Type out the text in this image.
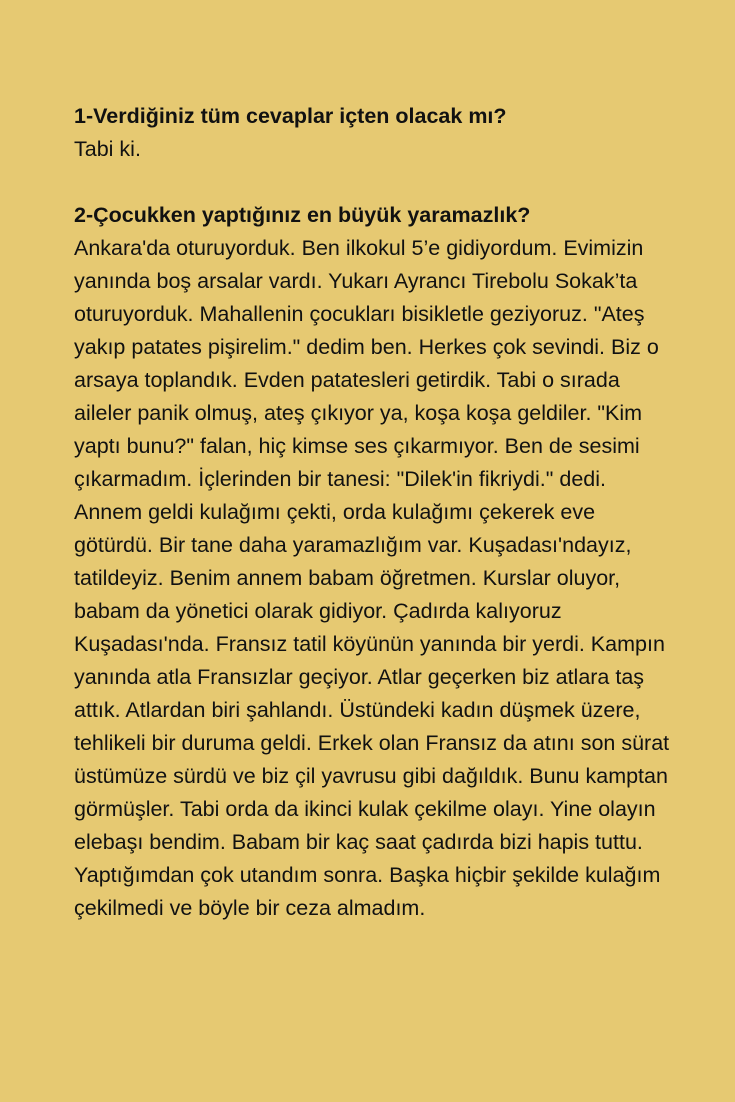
1-Verdiğiniz tüm cevaplar içten olacak mı?
Tabi ki.

2-Çocukken yaptığınız en büyük yaramazlık?
Ankara'da oturuyorduk. Ben ilkokul 5’e gidiyordum. Evimizin yanında boş arsalar vardı. Yukarı Ayrancı Tirebolu Sokak’ta oturuyorduk. Mahallenin çocukları bisikletle geziyoruz. "Ateş yakıp patates pişirelim." dedim ben. Herkes çok sevindi. Biz o arsaya toplandık. Evden patatesleri getirdik. Tabi o sırada aileler panik olmuş, ateş çıkıyor ya, koşa koşa geldiler. "Kim yaptı bunu?" falan, hiç kimse ses çıkarmıyor. Ben de sesimi çıkarmadım. İçlerinden bir tanesi: "Dilek'in fikriydi." dedi. Annem geldi kulağımı çekti, orda kulağımı çekerek eve götürdü. Bir tane daha yaramazlığım var. Kuşadası'ndayız, tatildeyiz. Benim annem babam öğretmen. Kurslar oluyor, babam da yönetici olarak gidiyor. Çadırda kalıyoruz Kuşadası'nda. Fransız tatil köyünün yanında bir yerdi. Kampın yanında atla Fransızlar geçiyor. Atlar geçerken biz atlara taş attık. Atlardan biri şahlandı. Üstündeki kadın düşmek üzere, tehlikeli bir duruma geldi. Erkek olan Fransız da atını son sürat üstümüze sürdü ve biz çil yavrusu gibi dağıldık. Bunu kamptan görmüşler. Tabi orda da ikinci kulak çekilme olayı. Yine olayın elebaşı bendim. Babam bir kaç saat çadırda bizi hapis tuttu. Yaptığımdan çok utandım sonra. Başka hiçbir şekilde kulağım çekilmedi ve böyle bir ceza almadım.
